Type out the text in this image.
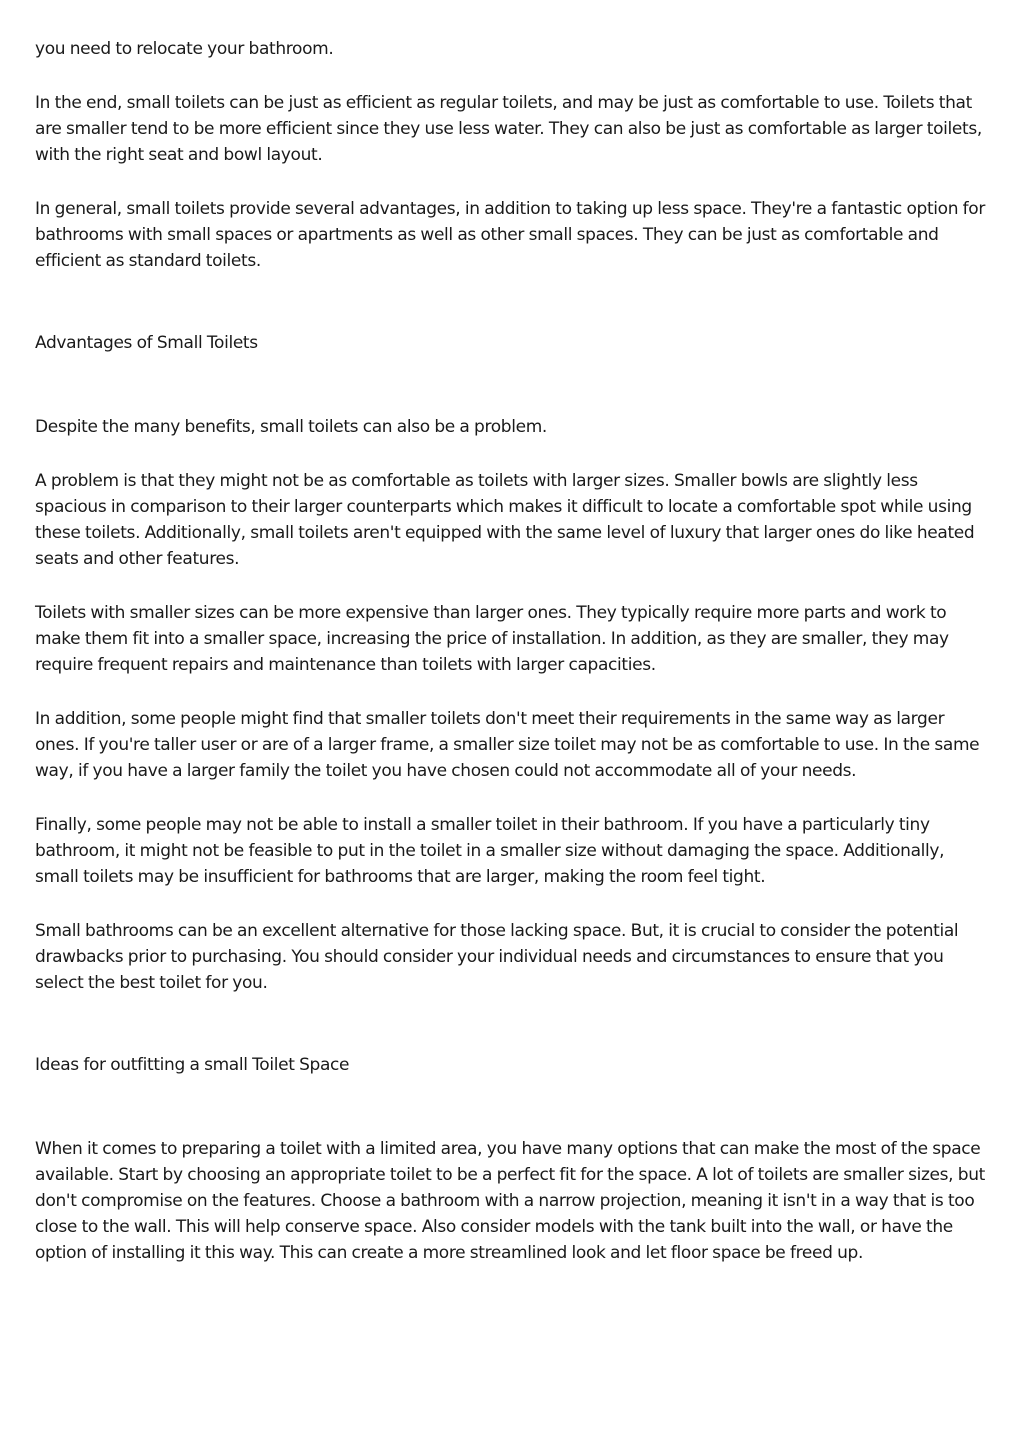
you need to relocate your bathroom.

In the end, small toilets can be just as efficient as regular toilets, and may be just as comfortable to use. Toilets that are smaller tend to be more efficient since they use less water. They can also be just as comfortable as larger toilets, with the right seat and bowl layout.

In general, small toilets provide several advantages, in addition to taking up less space. They're a fantastic option for bathrooms with small spaces or apartments as well as other small spaces. They can be just as comfortable and efficient as standard toilets.

Advantages of Small Toilets

Despite the many benefits, small toilets can also be a problem.

A problem is that they might not be as comfortable as toilets with larger sizes. Smaller bowls are slightly less spacious in comparison to their larger counterparts which makes it difficult to locate a comfortable spot while using these toilets. Additionally, small toilets aren't equipped with the same level of luxury that larger ones do like heated seats and other features.

Toilets with smaller sizes can be more expensive than larger ones. They typically require more parts and work to make them fit into a smaller space, increasing the price of installation. In addition, as they are smaller, they may require frequent repairs and maintenance than toilets with larger capacities.

In addition, some people might find that smaller toilets don't meet their requirements in the same way as larger ones. If you're taller user or are of a larger frame, a smaller size toilet may not be as comfortable to use. In the same way, if you have a larger family the toilet you have chosen could not accommodate all of your needs.

Finally, some people may not be able to install a smaller toilet in their bathroom. If you have a particularly tiny bathroom, it might not be feasible to put in the toilet in a smaller size without damaging the space. Additionally, small toilets may be insufficient for bathrooms that are larger, making the room feel tight.

Small bathrooms can be an excellent alternative for those lacking space. But, it is crucial to consider the potential drawbacks prior to purchasing. You should consider your individual needs and circumstances to ensure that you select the best toilet for you.

Ideas for outfitting a small Toilet Space

When it comes to preparing a toilet with a limited area, you have many options that can make the most of the space available. Start by choosing an appropriate toilet to be a perfect fit for the space. A lot of toilets are smaller sizes, but don't compromise on the features. Choose a bathroom with a narrow projection, meaning it isn't in a way that is too close to the wall. This will help conserve space. Also consider models with the tank built into the wall, or have the option of installing it this way. This can create a more streamlined look and let floor space be freed up.
